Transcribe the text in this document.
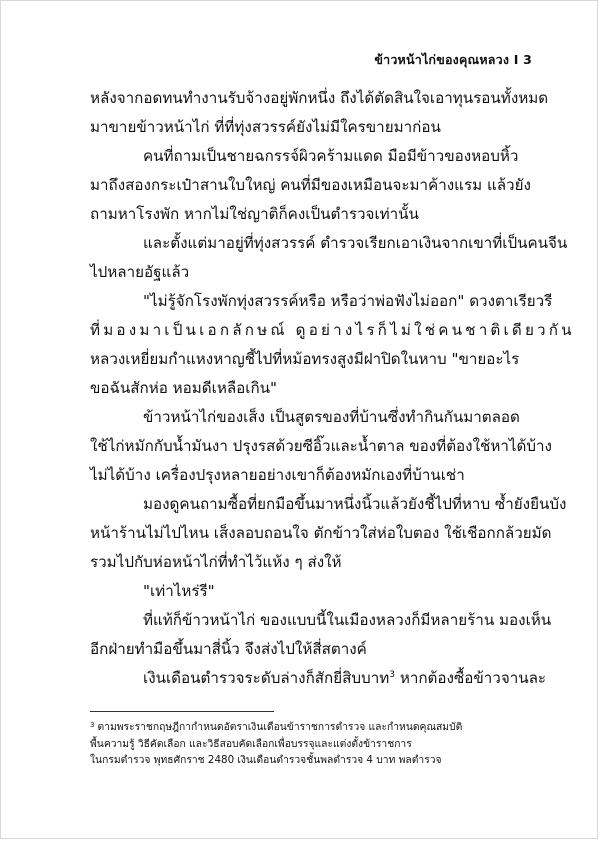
ข้าวหน้าไก่ของคุณหลวง I 3

หลังจากอดทนทำงานรับจ้างอยู่พักหนึ่ง ถึงได้ตัดสินใจเอาทุนรอนทั้งหมด
มาขายข้าวหน้าไก่ ที่ที่ทุ่งสวรรค์ยังไม่มีใครขายมาก่อน

คนที่ถามเป็นชายฉกรรจ์ผิวคร้ามแดด มือมีข้าวของหอบหิ้ว
มาถึงสองกระเป๋าสานใบใหญ่ คนที่มีของเหมือนจะมาค้างแรม แล้วยัง
ถามหาโรงพัก หากไม่ใช่ญาติก็คงเป็นตำรวจเท่านั้น

และตั้งแต่มาอยู่ที่ทุ่งสวรรค์ ตำรวจเรียกเอาเงินจากเขาที่เป็นคนจีน
ไปหลายอัฐแล้ว

"ไม่รู้จักโรงพักทุ่งสวรรค์หรือ หรือว่าพ่อฟังไม่ออก" ดวงตาเรียวรี
ที่มองมาเป็นเอกลักษณ์ ดูอย่างไรก็ไม่ใช่คนชาติเดียวกัน
หลวงเหยี่ยมกำแหงหาญชี้ไปที่หม้อทรงสูงมีฝาปิดในหาบ "ขายอะไร
ขอฉันสักห่อ หอมดีเหลือเกิน"

ข้าวหน้าไก่ของเส็ง เป็นสูตรของที่บ้านซึ่งทำกินกันมาตลอด
ใช้ไก่หมักกับน้ำมันงา ปรุงรสด้วยซีอิ๊วและน้ำตาล ของที่ต้องใช้หาได้บ้าง
ไม่ได้บ้าง เครื่องปรุงหลายอย่างเขาก็ต้องหมักเองที่บ้านเช่า

มองดูคนถามซื้อที่ยกมือขึ้นมาหนึ่งนิ้วแล้วยังชี้ไปที่หาบ ซ้ำยังยืนบัง
หน้าร้านไม่ไปไหน เส็งลอบถอนใจ ตักข้าวใส่ห่อใบตอง ใช้เชือกกล้วยมัด
รวมไปกับห่อหน้าไก่ที่ทำไว้แห้ง ๆ ส่งให้

"เท่าไหร่รี"

ที่แท้ก็ข้าวหน้าไก่ ของแบบนี้ในเมืองหลวงก็มีหลายร้าน มองเห็น
อีกฝ่ายทำมือขึ้นมาสี่นิ้ว จึงส่งไปให้สี่สตางค์

เงินเดือนตำรวจระดับล่างก็สักยี่สิบบาท$^3$ หากต้องซื้อข้าวจานละ

$^3$ ตามพระราชกฤษฎีกากำหนดอัตราเงินเดือนข้าราชการตำรวจ และกำหนดคุณสมบัติ
พื้นความรู้ วิธีคัดเลือก และวิธีสอบคัดเลือกเพื่อบรรจุและแต่งตั้งข้าราชการ
ในกรมตำรวจ พุทธศักราช 2480 เงินเดือนตำรวจชั้นพลตำรวจ 4 บาท พลตำรวจ
